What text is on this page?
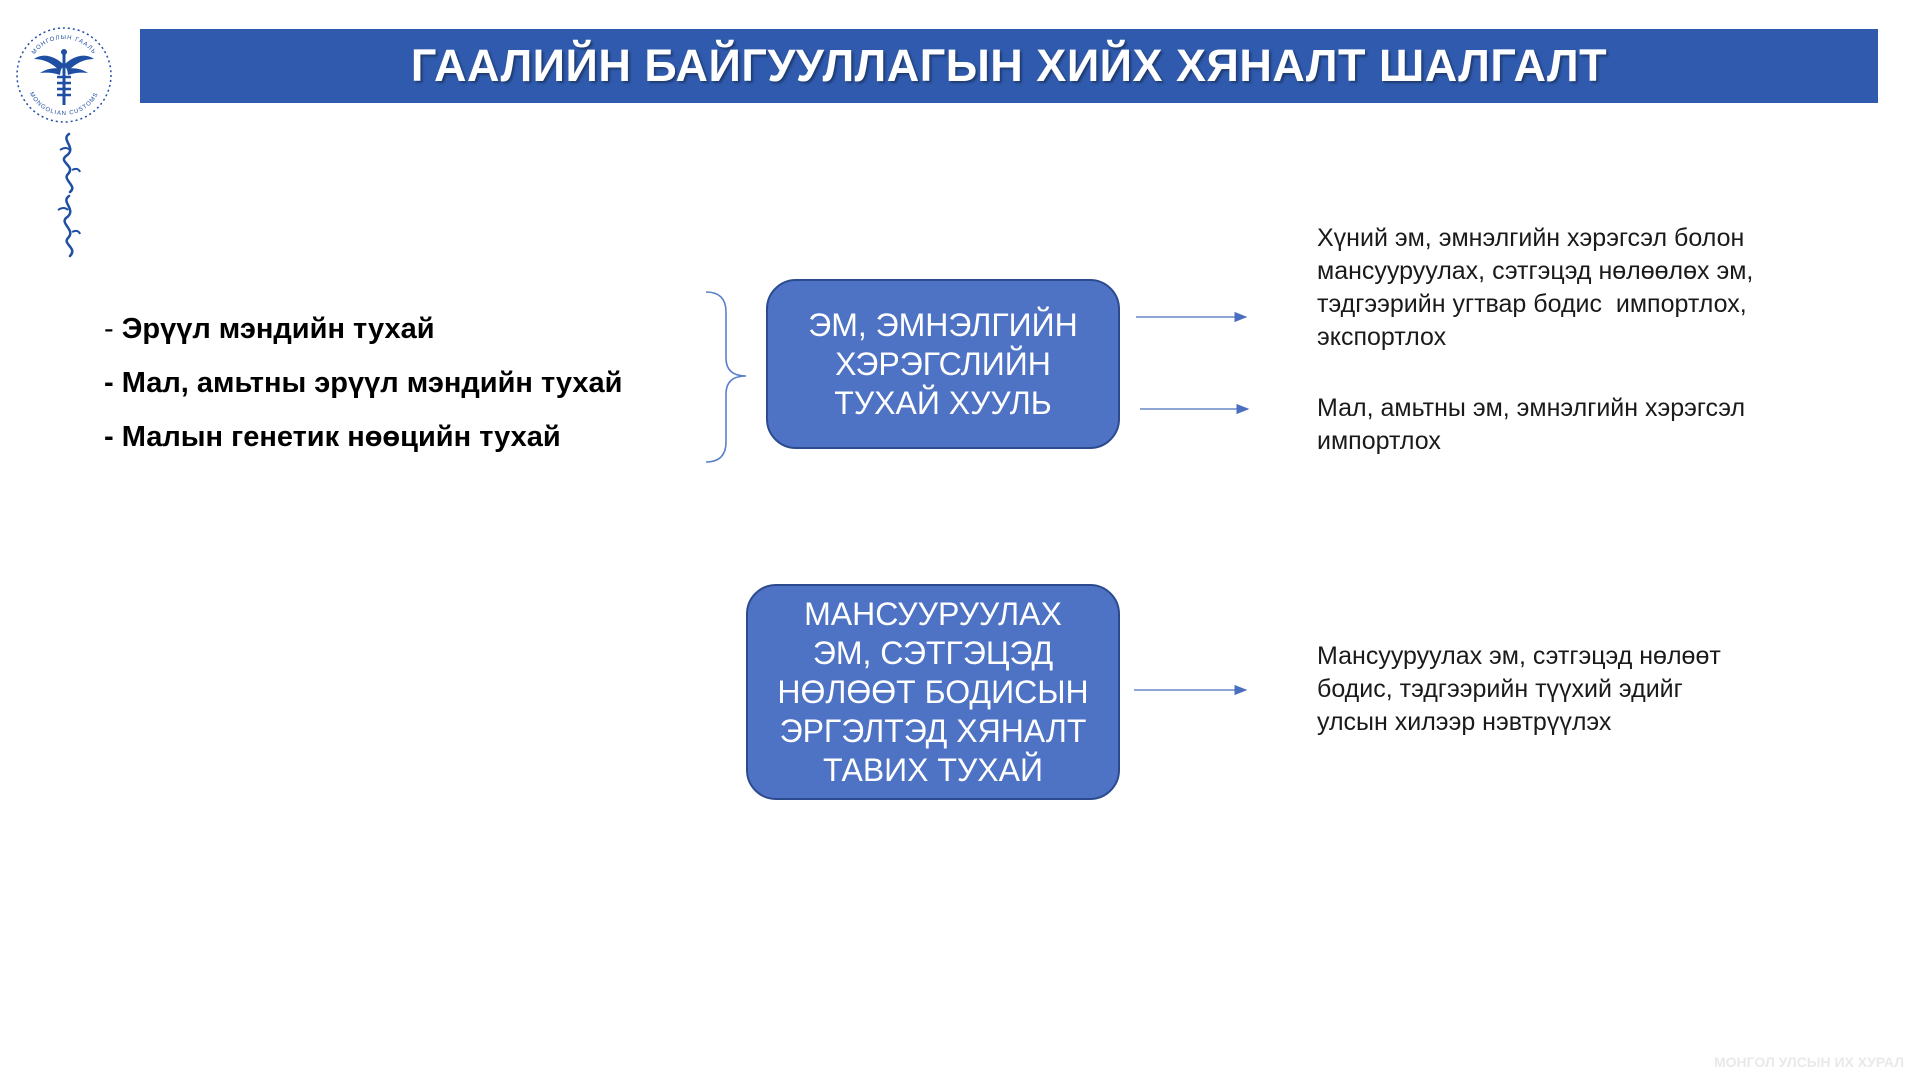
МОНГОЛЫН ГААЛЬ
MONGOLIAN CUSTOMS
ГААЛИЙН БАЙГУУЛЛАГЫН ХИЙХ ХЯНАЛТ ШАЛГАЛТ
- Эрүүл мэндийн тухай
- Мал, амьтны эрүүл мэндийн тухай
- Малын генетик нөөцийн тухай
ЭМ, ЭМНЭЛГИЙН
ХЭРЭГСЛИЙН
ТУХАЙ ХУУЛЬ
МАНСУУРУУЛАХ
ЭМ, СЭТГЭЦЭД
НӨЛӨӨТ БОДИСЫН
ЭРГЭЛТЭД ХЯНАЛТ
ТАВИХ ТУХАЙ
Хүний эм, эмнэлгийн хэрэгсэл болон
мансууруулах, сэтгэцэд нөлөөлөх эм,
тэдгээрийн угтвар бодис  импортлох,
экспортлох
Мал, амьтны эм, эмнэлгийн хэрэгсэл
импортлох
Мансууруулах эм, сэтгэцэд нөлөөт
бодис, тэдгээрийн түүхий эдийг
улсын хилээр нэвтрүүлэх
МОНГОЛ УЛСЫН ИХ ХУРАЛ
